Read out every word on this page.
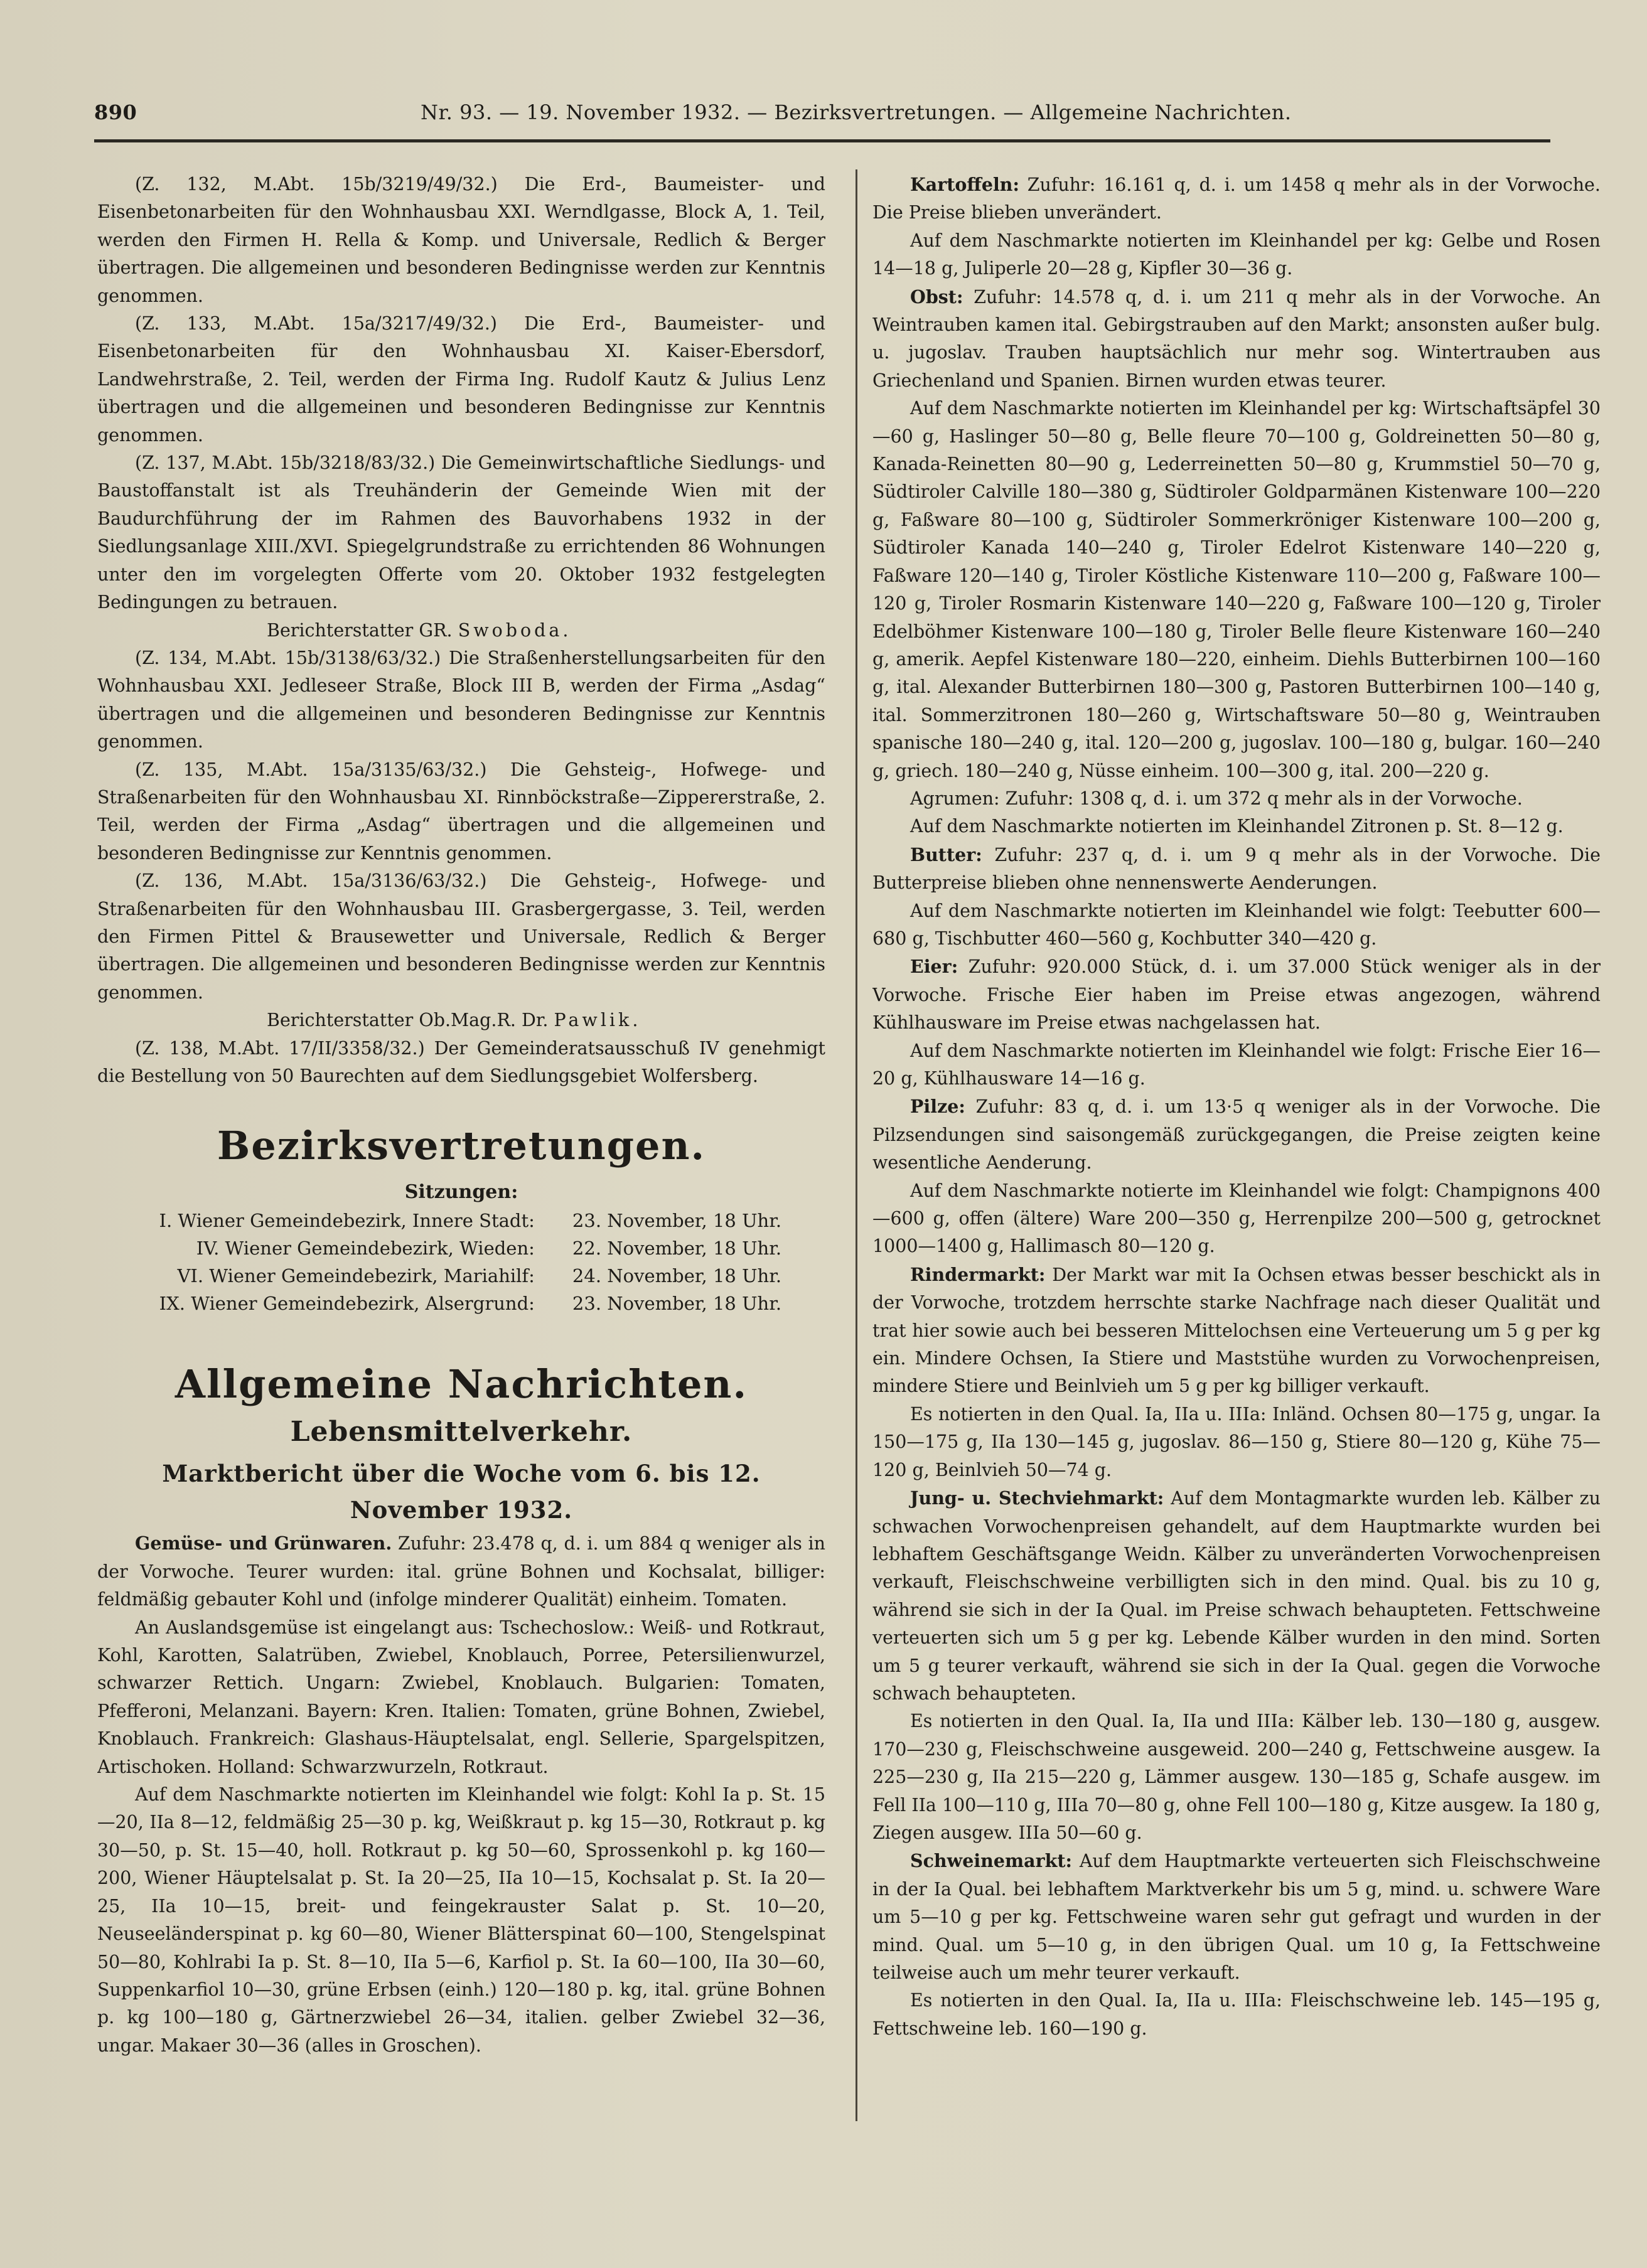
890	Nr. 93. — 19. November 1932. — Bezirksvertretungen. — Allgemeine Nachrichten.

(Z. 132, M.Abt. 15b/3219/49/32.) Die Erd-, Baumeister- und Eisenbetonarbeiten für den Wohnhausbau XXI. Werndlgasse, Block A, 1. Teil, werden den Firmen H. Rella & Komp. und Universale, Redlich & Berger übertragen. Die allgemeinen und besonderen Bedingnisse werden zur Kenntnis genommen.

(Z. 133, M.Abt. 15a/3217/49/32.) Die Erd-, Baumeister- und Eisenbetonarbeiten für den Wohnhausbau XI. Kaiser-Ebersdorf, Landwehrstraße, 2. Teil, werden der Firma Ing. Rudolf Kautz & Julius Lenz übertragen und die allgemeinen und besonderen Bedingnisse zur Kenntnis genommen.

(Z. 137, M.Abt. 15b/3218/83/32.) Die Gemeinwirtschaftliche Siedlungs- und Baustoffanstalt ist als Treuhänderin der Gemeinde Wien mit der Baudurchführung der im Rahmen des Bauvorhabens 1932 in der Siedlungsanlage XIII./XVI. Spiegelgrundstraße zu errichtenden 86 Wohnungen unter den im vorgelegten Offerte vom 20. Oktober 1932 festgelegten Bedingungen zu betrauen.

Berichterstatter GR. Swoboda.

(Z. 134, M.Abt. 15b/3138/63/32.) Die Straßenherstellungsarbeiten für den Wohnhausbau XXI. Jedleseer Straße, Block III B, werden der Firma „Asdag“ übertragen und die allgemeinen und besonderen Bedingnisse zur Kenntnis genommen.

(Z. 135, M.Abt. 15a/3135/63/32.) Die Gehsteig-, Hofwege- und Straßenarbeiten für den Wohnhausbau XI. Rinnböckstraße—Zippererstraße, 2. Teil, werden der Firma „Asdag“ übertragen und die allgemeinen und besonderen Bedingnisse zur Kenntnis genommen.

(Z. 136, M.Abt. 15a/3136/63/32.) Die Gehsteig-, Hofwege- und Straßenarbeiten für den Wohnhausbau III. Grasbergergasse, 3. Teil, werden den Firmen Pittel & Brausewetter und Universale, Redlich & Berger übertragen. Die allgemeinen und besonderen Bedingnisse werden zur Kenntnis genommen.

Berichterstatter Ob.Mag.R. Dr. Pawlik.

(Z. 138, M.Abt. 17/II/3358/32.) Der Gemeinderatsausschuß IV genehmigt die Bestellung von 50 Baurechten auf dem Siedlungsgebiet Wolfersberg.

Bezirksvertretungen.
Sitzungen:
I. Wiener Gemeindebezirk, Innere Stadt:	23. November, 18 Uhr.
IV. Wiener Gemeindebezirk, Wieden:	22. November, 18 Uhr.
VI. Wiener Gemeindebezirk, Mariahilf:	24. November, 18 Uhr.
IX. Wiener Gemeindebezirk, Alsergrund:	23. November, 18 Uhr.
Allgemeine Nachrichten.
Lebensmittelverkehr.
Marktbericht über die Woche vom 6. bis 12. November 1932.

Gemüse- und Grünwaren. Zufuhr: 23.478 q, d. i. um 884 q weniger als in der Vorwoche. Teurer wurden: ital. grüne Bohnen und Kochsalat, billiger: feldmäßig gebauter Kohl und (infolge minderer Qualität) einheim. Tomaten.

An Auslandsgemüse ist eingelangt aus: Tschechoslow.: Weiß- und Rotkraut, Kohl, Karotten, Salatrüben, Zwiebel, Knoblauch, Porree, Petersilienwurzel, schwarzer Rettich. Ungarn: Zwiebel, Knoblauch. Bulgarien: Tomaten, Pfefferoni, Melanzani. Bayern: Kren. Italien: Tomaten, grüne Bohnen, Zwiebel, Knoblauch. Frankreich: Glashaus-Häuptelsalat, engl. Sellerie, Spargelspitzen, Artischoken. Holland: Schwarzwurzeln, Rotkraut.

Auf dem Naschmarkte notierten im Kleinhandel wie folgt: Kohl Ia p. St. 15—20, IIa 8—12, feldmäßig 25—30 p. kg, Weißkraut p. kg 15—30, Rotkraut p. kg 30—50, p. St. 15—40, holl. Rotkraut p. kg 50—60, Sprossenkohl p. kg 160—200, Wiener Häuptelsalat p. St. Ia 20—25, IIa 10—15, Kochsalat p. St. Ia 20—25, IIa 10—15, breit- und feingekrauster Salat p. St. 10—20, Neuseeländerspinat p. kg 60—80, Wiener Blätterspinat 60—100, Stengelspinat 50—80, Kohlrabi Ia p. St. 8—10, IIa 5—6, Karfiol p. St. Ia 60—100, IIa 30—60, Suppenkarfiol 10—30, grüne Erbsen (einh.) 120—180 p. kg, ital. grüne Bohnen p. kg 100—180 g, Gärtnerzwiebel 26—34, italien. gelber Zwiebel 32—36, ungar. Makaer 30—36 (alles in Groschen).

Kartoffeln: Zufuhr: 16.161 q, d. i. um 1458 q mehr als in der Vorwoche. Die Preise blieben unverändert.

Auf dem Naschmarkte notierten im Kleinhandel per kg: Gelbe und Rosen 14—18 g, Juliperle 20—28 g, Kipfler 30—36 g.

Obst: Zufuhr: 14.578 q, d. i. um 211 q mehr als in der Vorwoche. An Weintrauben kamen ital. Gebirgstrauben auf den Markt; ansonsten außer bulg. u. jugoslav. Trauben hauptsächlich nur mehr sog. Wintertrauben aus Griechenland und Spanien. Birnen wurden etwas teurer.

Auf dem Naschmarkte notierten im Kleinhandel per kg: Wirtschaftsäpfel 30—60 g, Haslinger 50—80 g, Belle fleure 70—100 g, Goldreinetten 50—80 g, Kanada-Reinetten 80—90 g, Lederreinetten 50—80 g, Krummstiel 50—70 g, Südtiroler Calville 180—380 g, Südtiroler Goldparmänen Kistenware 100—220 g, Faßware 80—100 g, Südtiroler Sommerkröniger Kistenware 100—200 g, Südtiroler Kanada 140—240 g, Tiroler Edelrot Kistenware 140—220 g, Faßware 120—140 g, Tiroler Köstliche Kistenware 110—200 g, Faßware 100—120 g, Tiroler Rosmarin Kistenware 140—220 g, Faßware 100—120 g, Tiroler Edelböhmer Kistenware 100—180 g, Tiroler Belle fleure Kistenware 160—240 g, amerik. Aepfel Kistenware 180—220, einheim. Diehls Butterbirnen 100—160 g, ital. Alexander Butterbirnen 180—300 g, Pastoren Butterbirnen 100—140 g, ital. Sommerzitronen 180—260 g, Wirtschaftsware 50—80 g, Weintrauben spanische 180—240 g, ital. 120—200 g, jugoslav. 100—180 g, bulgar. 160—240 g, griech. 180—240 g, Nüsse einheim. 100—300 g, ital. 200—220 g.

Agrumen: Zufuhr: 1308 q, d. i. um 372 q mehr als in der Vorwoche.

Auf dem Naschmarkte notierten im Kleinhandel Zitronen p. St. 8—12 g.

Butter: Zufuhr: 237 q, d. i. um 9 q mehr als in der Vorwoche. Die Butterpreise blieben ohne nennenswerte Aenderungen.

Auf dem Naschmarkte notierten im Kleinhandel wie folgt: Teebutter 600—680 g, Tischbutter 460—560 g, Kochbutter 340—420 g.

Eier: Zufuhr: 920.000 Stück, d. i. um 37.000 Stück weniger als in der Vorwoche. Frische Eier haben im Preise etwas angezogen, während Kühlhausware im Preise etwas nachgelassen hat.

Auf dem Naschmarkte notierten im Kleinhandel wie folgt: Frische Eier 16—20 g, Kühlhausware 14—16 g.

Pilze: Zufuhr: 83 q, d. i. um 13·5 q weniger als in der Vorwoche. Die Pilzsendungen sind saisongemäß zurückgegangen, die Preise zeigten keine wesentliche Aenderung.

Auf dem Naschmarkte notierte im Kleinhandel wie folgt: Champignons 400—600 g, offen (ältere) Ware 200—350 g, Herrenpilze 200—500 g, getrocknet 1000—1400 g, Hallimasch 80—120 g.

Rindermarkt: Der Markt war mit Ia Ochsen etwas besser beschickt als in der Vorwoche, trotzdem herrschte starke Nachfrage nach dieser Qualität und trat hier sowie auch bei besseren Mittelochsen eine Verteuerung um 5 g per kg ein. Mindere Ochsen, Ia Stiere und Maststühe wurden zu Vorwochenpreisen, mindere Stiere und Beinlvieh um 5 g per kg billiger verkauft.

Es notierten in den Qual. Ia, IIa u. IIIa: Inländ. Ochsen 80—175 g, ungar. Ia 150—175 g, IIa 130—145 g, jugoslav. 86—150 g, Stiere 80—120 g, Kühe 75—120 g, Beinlvieh 50—74 g.

Jung- u. Stechviehmarkt: Auf dem Montagmarkte wurden leb. Kälber zu schwachen Vorwochenpreisen gehandelt, auf dem Hauptmarkte wurden bei lebhaftem Geschäftsgange Weidn. Kälber zu unveränderten Vorwochenpreisen verkauft, Fleischschweine verbilligten sich in den mind. Qual. bis zu 10 g, während sie sich in der Ia Qual. im Preise schwach behaupteten. Fettschweine verteuerten sich um 5 g per kg. Lebende Kälber wurden in den mind. Sorten um 5 g teurer verkauft, während sie sich in der Ia Qual. gegen die Vorwoche schwach behaupteten.

Es notierten in den Qual. Ia, IIa und IIIa: Kälber leb. 130—180 g, ausgew. 170—230 g, Fleischschweine ausgeweid. 200—240 g, Fettschweine ausgew. Ia 225—230 g, IIa 215—220 g, Lämmer ausgew. 130—185 g, Schafe ausgew. im Fell IIa 100—110 g, IIIa 70—80 g, ohne Fell 100—180 g, Kitze ausgew. Ia 180 g, Ziegen ausgew. IIIa 50—60 g.

Schweinemarkt: Auf dem Hauptmarkte verteuerten sich Fleischschweine in der Ia Qual. bei lebhaftem Marktverkehr bis um 5 g, mind. u. schwere Ware um 5—10 g per kg. Fettschweine waren sehr gut gefragt und wurden in der mind. Qual. um 5—10 g, in den übrigen Qual. um 10 g, Ia Fettschweine teilweise auch um mehr teurer verkauft.

Es notierten in den Qual. Ia, IIa u. IIIa: Fleischschweine leb. 145—195 g, Fettschweine leb. 160—190 g.
